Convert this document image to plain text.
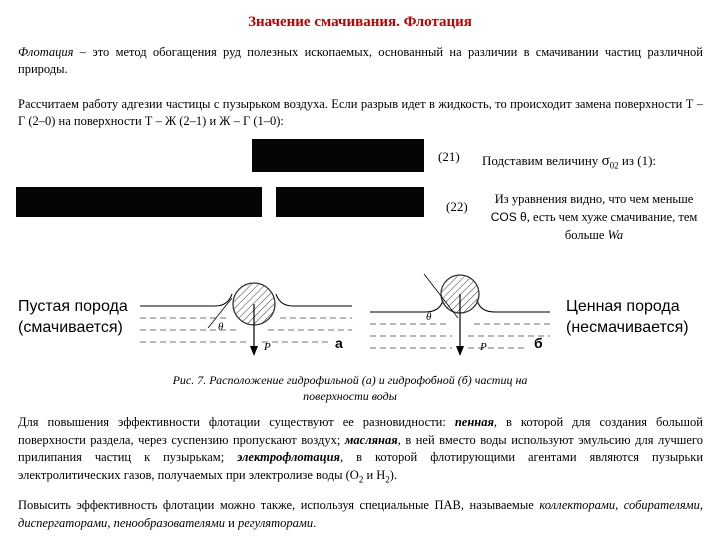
Значение смачивания. Флотация
Флотация – это метод обогащения руд полезных ископаемых, основанный на различии в смачивании частиц различной природы.
Рассчитаем работу адгезии частицы с пузырьком воздуха. Если разрыв идет в жидкость, то происходит замена поверхности Т – Г (2–0) на поверхности Т – Ж (2–1) и Ж – Г (1–0):
(21) Подставим величину $\sigma_{02}$ из (1):
(22)	Из уравнения видно, что чем меньше COS θ, есть чем хуже смачивание, тем больше Wa
Пустая порода
(смачивается)
Ценная порода
(несмачивается)
θ
P	а
θ
P	б
Рис. 7. Расположение гидрофильной (а) и гидрофобной (б) частиц на поверхности воды
Для повышения эффективности флотации существуют ее разновидности: пенная, в которой для создания большой поверхности раздела, через суспензию пропускают воздух; масляная, в ней вместо воды используют эмульсию для лучшего прилипания частиц к пузырькам; электрофлотация, в которой флотирующими агентами являются пузырьки электролитических газов, получаемых при электролизе воды ($O_2$ и $H_2$).
Повысить эффективность флотации можно также, используя специальные ПАВ, называемые коллекторами, собирателями, диспергаторами, пенообразователями и регуляторами.
